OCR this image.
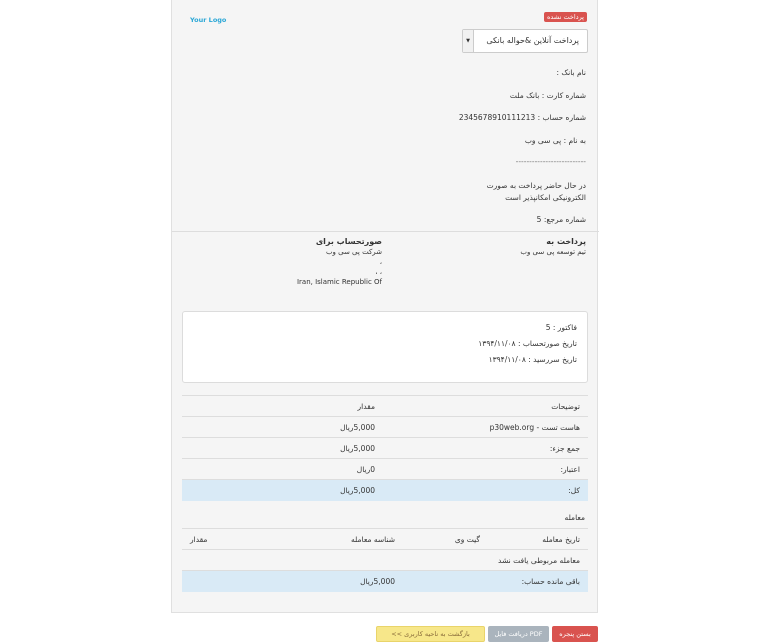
Your Logo	پرداخت نشده
▼	پرداخت آنلاین &حواله بانکی
نام بانک :
شماره کارت : بانک ملت
شماره حساب : 2345678910111213
به نام : پی سی وب
--------------------------
در حال حاضر پرداخت به صورت
الکترونیکی امکانپذیر است
شماره مرجع: 5
پرداخت به
تیم توسعه پی سی وب
صورتحساب برای
شرکت پی سی وب
،
، ،
Iran, Islamic Republic Of
فاکتور : 5
تاریخ صورتحساب : ۱۳۹۴/۱۱/۰۸
تاریخ سررسید : ۱۳۹۴/۱۱/۰۸
توضیحات	مقدار
هاست تست - p30web.org	5,000ریال
جمع جزء:	5,000ریال
اعتبار:	0ریال
کل:	5,000ریال
معامله
تاریخ معامله	گیت وی	شناسه معامله	مقدار
معامله مربوطی یافت نشد			
باقی مانده حساب:		5,000ریال	
بستن پنجره
PDF دریافت فایل
بازگشت به ناحیه کاربری >>
